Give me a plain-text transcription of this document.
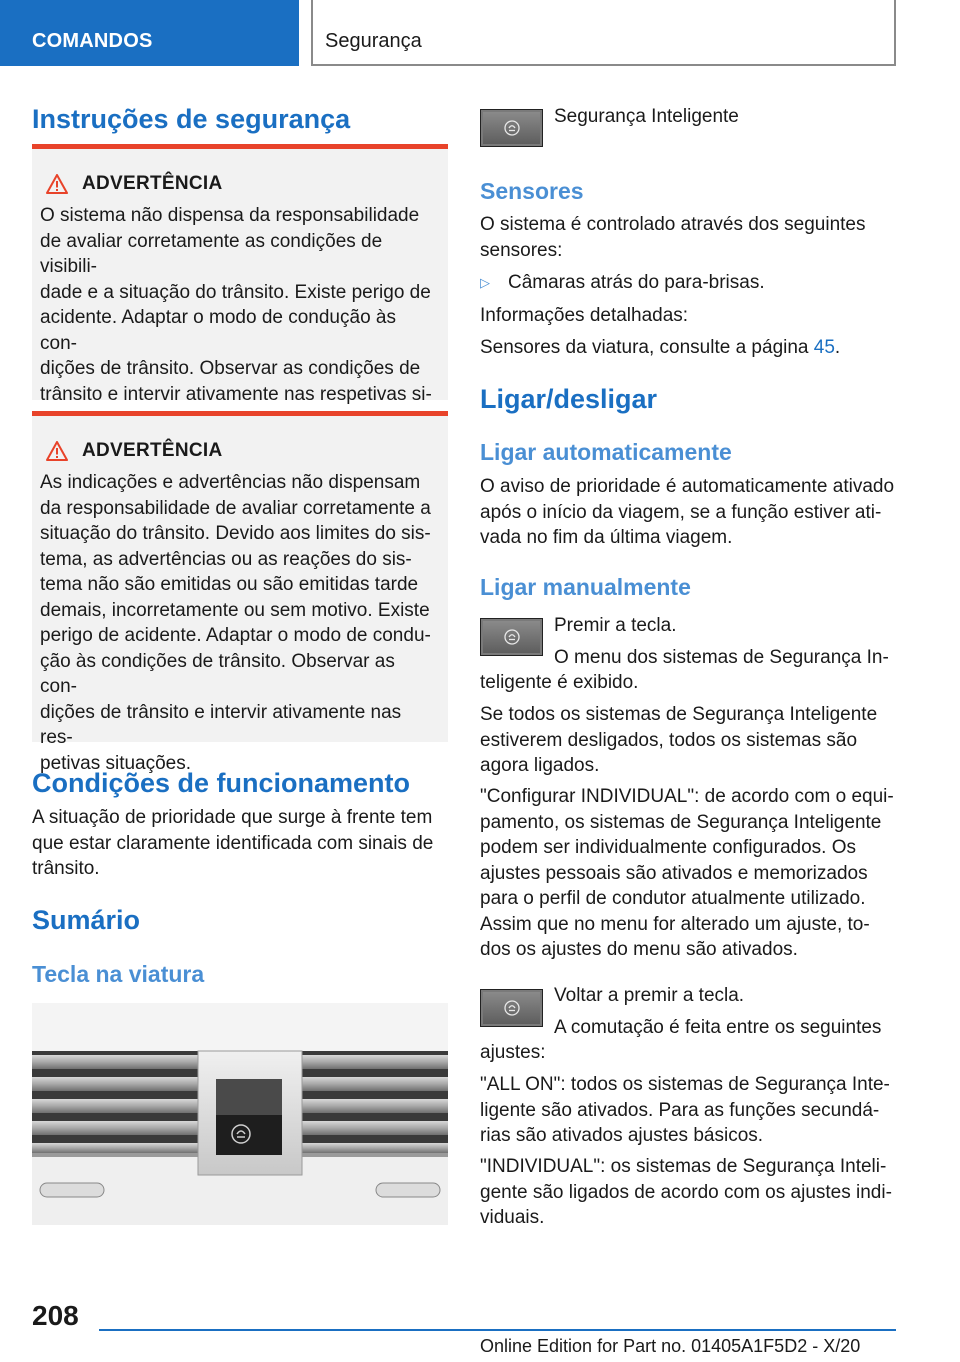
COMANDOS	Segurança
Instruções de segurança
ADVERTÊNCIA
O sistema não dispensa da responsabilidade
de avaliar corretamente as condições de visibili-
dade e a situação do trânsito. Existe perigo de
acidente. Adaptar o modo de condução às con-
dições de trânsito. Observar as condições de
trânsito e intervir ativamente nas respetivas si-
ADVERTÊNCIA
As indicações e advertências não dispensam
da responsabilidade de avaliar corretamente a
situação do trânsito. Devido aos limites do sis-
tema, as advertências ou as reações do sis-
tema não são emitidas ou são emitidas tarde
demais, incorretamente ou sem motivo. Existe
perigo de acidente. Adaptar o modo de condu-
ção às condições de trânsito. Observar as con-
dições de trânsito e intervir ativamente nas res-
petivas situações.
Condições de funcionamento
A situação de prioridade que surge à frente tem
que estar claramente identificada com sinais de
trânsito.
Sumário
Tecla na viatura
Segurança Inteligente
Sensores
O sistema é controlado através dos seguintes
sensores:
▷ Câmaras atrás do para-brisas.
Informações detalhadas:
Sensores da viatura, consulte a página 45.
Ligar/desligar
Ligar automaticamente
O aviso de prioridade é automaticamente ativado
após o início da viagem, se a função estiver ati-
vada no fim da última viagem.
Ligar manualmente
Premir a tecla.
O menu dos sistemas de Segurança In-
teligente é exibido.
Se todos os sistemas de Segurança Inteligente
estiverem desligados, todos os sistemas são
agora ligados.
"Configurar INDIVIDUAL": de acordo com o equi-
pamento, os sistemas de Segurança Inteligente
podem ser individualmente configurados. Os
ajustes pessoais são ativados e memorizados
para o perfil de condutor atualmente utilizado.
Assim que no menu for alterado um ajuste, to-
dos os ajustes do menu são ativados.
Voltar a premir a tecla.
A comutação é feita entre os seguintes
ajustes:
"ALL ON": todos os sistemas de Segurança Inte-
ligente são ativados. Para as funções secundá-
rias são ativados ajustes básicos.
"INDIVIDUAL": os sistemas de Segurança Inteli-
gente são ligados de acordo com os ajustes indi-
viduais.
208
Online Edition for Part no. 01405A1F5D2 - X/20
